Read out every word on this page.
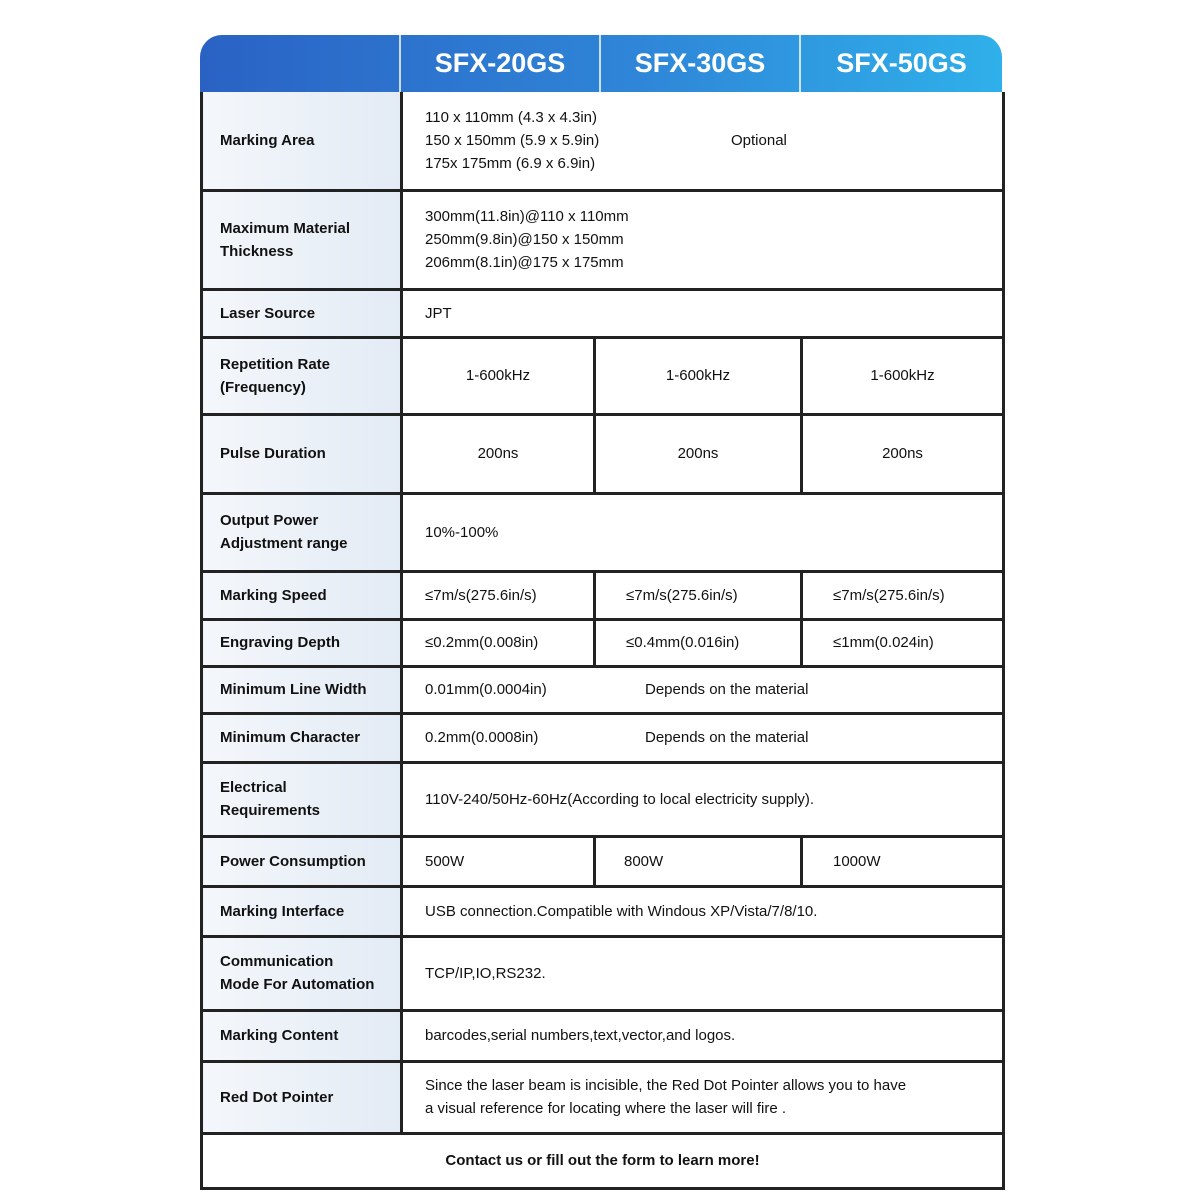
SFX-20GS	SFX-30GS	SFX-50GS
Marking Area	110 x 110mm (4.3 x 4.3in)
150 x 150mm (5.9 x 5.9in)
175x 175mm (6.9 x 6.9in)
Optional		

Maximum Material
Thickness	300mm(11.8in)@110 x 110mm
250mm(9.8in)@150 x 150mm
206mm(8.1in)@175 x 175mm		

Laser Source	JPT		

Repetition Rate
(Frequency)	1-600kHz	1-600kHz	1-600kHz
Pulse Duration	200ns	200ns	200ns

Output Power
Adjustment range	10%-100%		
Marking Speed	≤7m/s(275.6in/s)	≤7m/s(275.6in/s)	≤7m/s(275.6in/s)
Engraving Depth	≤0.2mm(0.008in)	≤0.4mm(0.016in)	≤1mm(0.024in)
Minimum Line Width	0.01mm(0.0004in) Depends on the material		
Minimum Character	0.2mm(0.0008in) Depends on the material		

Electrical
Requirements	110V-240/50Hz-60Hz(According to local electricity supply).		
Power Consumption	500W	800W	1000W
Marking Interface	USB connection.Compatible with Windous XP/Vista/7/8/10.		

Communication
Mode For Automation	TCP/IP,IO,RS232.		
Marking Content	barcodes,serial numbers,text,vector,and logos.		
Red Dot Pointer	Since the laser beam is incisible, the Red Dot Pointer allows you to have
a visual reference for locating where the laser will fire .		

Contact us or fill out the form to learn more!			
